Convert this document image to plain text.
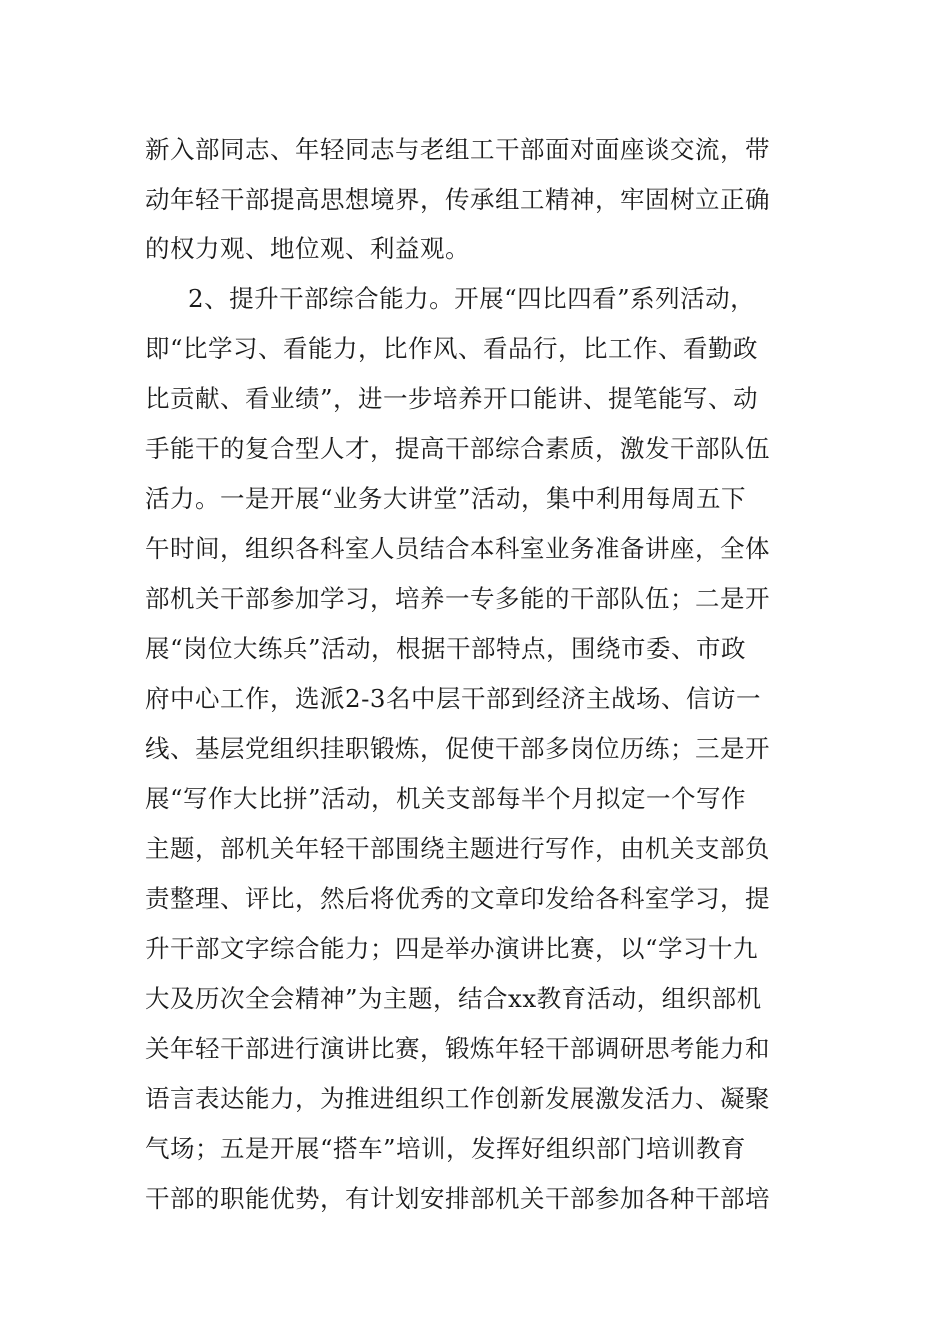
新入部同志、年轻同志与老组工干部面对面座谈交流，带
动年轻干部提高思想境界，传承组工精神，牢固树立正确
的权力观、地位观、利益观。
2、提升干部综合能力。开展“四比四看”系列活动，
即“比学习、看能力，比作风、看品行，比工作、看勤政
比贡献、看业绩”，进一步培养开口能讲、提笔能写、动
手能干的复合型人才，提高干部综合素质，激发干部队伍
活力。一是开展“业务大讲堂”活动，集中利用每周五下
午时间，组织各科室人员结合本科室业务准备讲座，全体
部机关干部参加学习，培养一专多能的干部队伍；二是开
展“岗位大练兵”活动，根据干部特点，围绕市委、市政
府中心工作，选派2-3名中层干部到经济主战场、信访一
线、基层党组织挂职锻炼，促使干部多岗位历练；三是开
展“写作大比拼”活动，机关支部每半个月拟定一个写作
主题，部机关年轻干部围绕主题进行写作，由机关支部负
责整理、评比，然后将优秀的文章印发给各科室学习，提
升干部文字综合能力；四是举办演讲比赛，以“学习十九
大及历次全会精神”为主题，结合xx教育活动，组织部机
关年轻干部进行演讲比赛，锻炼年轻干部调研思考能力和
语言表达能力，为推进组织工作创新发展激发活力、凝聚
气场；五是开展“搭车”培训，发挥好组织部门培训教育
干部的职能优势，有计划安排部机关干部参加各种干部培
